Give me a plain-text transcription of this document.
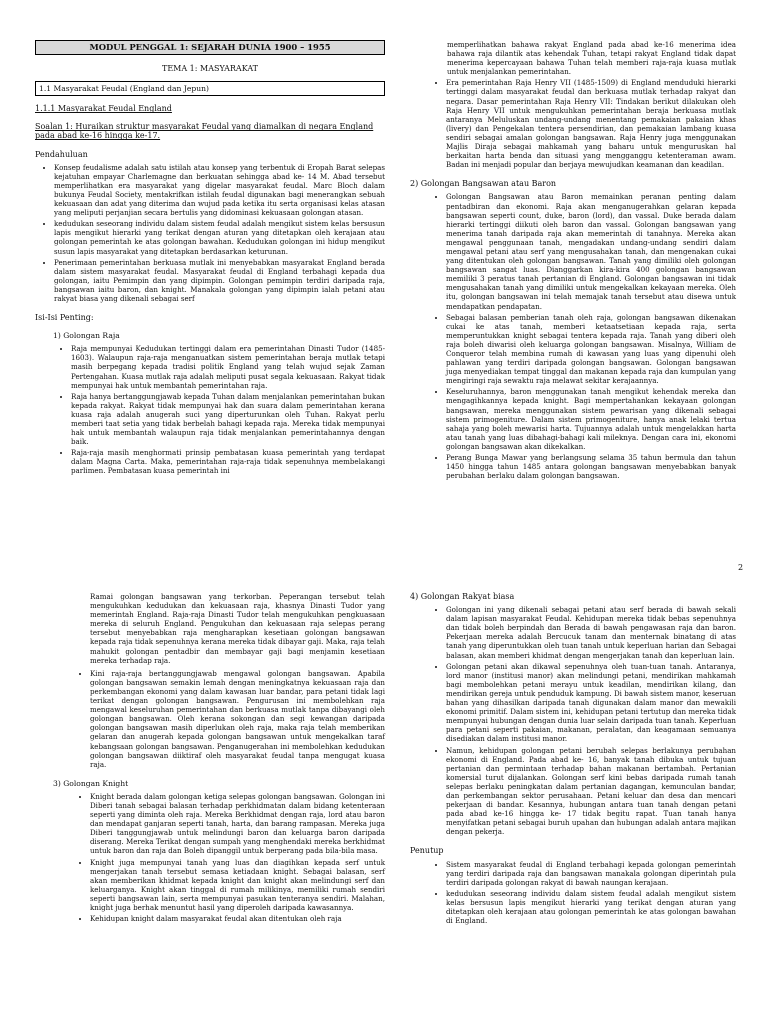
MODUL PENGGAL 1: SEJARAH DUNIA 1900 – 1955
TEMA 1: MASYARAKAT
1.1 Masyarakat Feudal (England dan Jepun)

1.1.1 Masyarakat Feudal England

Soalan 1: Huraikan struktur masyarakat Feudal yang diamalkan di negara England pada abad ke-16 hingga ke-17.

Pendahuluan

• Konsep feudalisme adalah satu istilah atau konsep yang terbentuk di Eropah Barat selepas kejatuhan empayar Charlemagne dan berkuatan sehingga abad ke- 14 M. Abad tersebut memperlihatkan era masyarakat yang digelar masyarakat feudal. Marc Bloch dalam bukunya Feudal Society, mentakrifkan istilah feudal digunakan bagi menerangkan sebuah kekuasaan dan adat yang diterima dan wujud pada ketika itu serta organisasi kelas atasan yang meliputi perjanjian secara bertulis yang didominasi kekuasaan golongan atasan.
• kedudukan seseorang individu dalam sistem feudal adalah mengikut sistem kelas bersusun lapis mengikut hierarki yang terikat dengan aturan yang ditetapkan oleh kerajaan atau golongan pemerintah ke atas golongan bawahan. Kedudukan golongan ini hidup mengikut susun lapis masyarakat yang ditetapkan berdasarkan keturunan.
• Penerimaan pemerintahan berkuasa mutlak ini menyebabkan masyarakat England berada dalam sistem masyarakat feudal. Masyarakat feudal di England terbahagi kepada dua golongan, iaitu Pemimpin dan yang dipimpin. Golongan pemimpin terdiri daripada raja, bangsawan iaitu baron, dan knight. Manakala golongan yang dipimpin ialah petani atau rakyat biasa yang dikenali sebagai serf

Isi-Isi Penting:

1) Golongan Raja

• Raja mempunyai Kedudukan tertinggi dalam era pemerintahan Dinasti Tudor (1485-1603). Walaupun raja-raja menganuatkan sistem pemerintahan beraja mutlak tetapi masih berpegang kepada tradisi politik England yang telah wujud sejak Zaman Pertengahan. Kuasa mutlak raja adalah meliputi pusat segala kekuasaan. Rakyat tidak mempunyai hak untuk membantah pemerintahan raja.
• Raja hanya bertanggungjawab kepada Tuhan dalam menjalankan pemerintahan bukan kepada rakyat. Rakyat tidak mempunyai hak dan suara dalam pemerintahan kerana kuasa raja adalah anugerah suci yang diperturunkan oleh Tuhan. Rakyat perlu memberi taat setia yang tidak berbelah bahagi kepada raja. Mereka tidak mempunyai hak untuk membantah walaupun raja tidak menjalankan pemerintahannya dengan baik.
• Raja-raja masih menghormati prinsip pembatasan kuasa pemerintah yang terdapat dalam Magna Carta. Maka, pemerintahan raja-raja tidak sepenuhnya membelakangi parlimen. Pembatasan kuasa pemerintah ini

memperlihatkan bahawa rakyat England pada abad ke-16 menerima idea bahawa raja dilantik atas kehendak Tuhan, tetapi rakyat England tidak dapat menerima kepercayaan bahawa Tuhan telah memberi raja-raja kuasa mutlak untuk menjalankan pemerintahan.

• Era pemerintahan Raja Henry VII (1485-1509) di England menduduki hierarki tertinggi dalam masyarakat feudal dan berkuasa mutlak terhadap rakyat dan negara. Dasar pemerintahan Raja Henry VII: Tindakan berikut dilakukan oleh Raja Henry VII untuk mengukuhkan pemerintahan beraja berkuasa mutlak antaranya Meluluskan undang-undang menentang pemakaian pakaian khas (livery) dan Pengekalan tentera persendirian, dan pemakaian lambang kuasa sendiri sebagai amalan golongan bangsawan. Raja Henry juga menggunakan Majlis Diraja sebagai mahkamah yang baharu untuk menguruskan hal berkaitan harta benda dan situasi yang mengganggu ketenteraman awam. Badan ini menjadi popular dan berjaya mewujudkan keamanan dan keadilan.

2) Golongan Bangsawan atau Baron

• Golongan Bangsawan atau Baron memainkan peranan penting dalam pentadbiran dan ekonomi. Raja akan menganugerahkan gelaran kepada bangsawan seperti count, duke, baron (lord), dan vassal. Duke berada dalam hierarki tertinggi diikuti oleh baron dan vassal. Golongan bangsawan yang menerima tanah daripada raja akan memerintah di tanahnya. Mereka akan mengawal penggunaan tanah, mengadakan undang-undang sendiri dalam mengawal petani atau serf yang mengusahakan tanah, dan mengenakan cukai yang ditentukan oleh golongan bangsawan. Tanah yang dimiliki oleh golongan bangsawan sangat luas. Dianggarkan kira-kira 400 golongan bangsawan memiliki 3 peratus tanah pertanian di England. Golongan bangsawan ini tidak mengusahakan tanah yang dimiliki untuk mengekalkan kekayaan mereka. Oleh itu, golongan bangsawan ini telah memajak tanah tersebut atau disewa untuk mendapatkan pendapatan.
• Sebagai balasan pemberian tanah oleh raja, golongan bangsawan dikenakan cukai ke atas tanah, memberi ketaatsetiaan kepada raja, serta memperuntukkan knight sebagai tentera kepada raja. Tanah yang diberi oleh raja boleh diwarisi oleh keluarga golongan bangsawan. Misalnya, William de Conqueror telah membina rumah di kawasan yang luas yang dipenuhi oleh pahlawan yang terdiri daripada golongan bangsawan. Golongan bangsawan juga menyediakan tempat tinggal dan makanan kepada raja dan kumpulan yang mengiringi raja sewaktu raja melawat sekitar kerajaannya.
• Keseluruhannya, baron menggunakan tanah mengikut kehendak mereka dan mengagihkannya kepada knight. Bagi mempertahankan kekayaan golongan bangsawan, mereka menggunakan sistem pewarisan yang dikenali sebagai sistem primogeniture. Dalam sistem primogeniture, hanya anak lelaki tertua sahaja yang boleh mewarisi harta. Tujuannya adalah untuk mengelakkan harta atau tanah yang luas dibahagi-bahagi kali mileknya. Dengan cara ini, ekonomi golongan bangsawan akan dikekalkan.
• Perang Bunga Mawar yang berlangsung selama 35 tahun bermula dan tahun 1450 hingga tahun 1485 antara golongan bangsawan menyebabkan banyak perubahan berlaku dalam golongan bangsawan.
2

Ramai golongan bangsawan yang terkorban. Peperangan tersebut telah mengukuhkan kedudukan dan kekuasaan raja, khasnya Dinasti Tudor yang memerintah England. Raja-raja Dinasti Tudor telah mengukuhkan pengkuasaan mereka di seluruh England. Pengukuhan dan kekuasaan raja selepas perang tersebut menyebabkan raja mengharapkan kesetiaan golongan bangsawan kepada raja tidak sepenuhnya kerana mereka tidak dibayar gaji. Maka, raja telah mahukit golongan pentadbir dan membayar gaji bagi menjamin kesetiaan mereka terhadap raja.

• Kini raja-raja bertanggungjawab mengawal golongan bangsawan. Apabila golongan bangsawan semakin lemah dengan meningkatnya kekuasaan raja dan perkembangan ekonomi yang dalam kawasan luar bandar, para petani tidak lagi terikat dengan golongan bangsawan. Pengurusan ini membolehkan raja mengawal keseluruhan pemerintahan dan berkuasa mutlak tanpa dibayangi oleh golongan bangsawan. Oleh kerana sokongan dan segi kewangan daripada golongan bangsawan masih diperlukan oleh raja, maka raja telah memberikan gelaran dan anugerah kepada golongan bangsawan untuk mengekalkan taraf kebangsaan golongan bangsawan. Penganugerahan ini membolehkan kedudukan golongan bangsawan diiktiraf oleh masyarakat feudal tanpa mengugat kuasa raja.

3) Golongan Knight

• Knight berada dalam golongan ketiga selepas golongan bangsawan. Golongan ini Diberi tanah sebagai balasan terhadap perkhidmatan dalam bidang ketenteraan seperti yang diminta oleh raja. Mereka Berkhidmat dengan raja, lord atau baron dan mendapat ganjaran seperti tanah, harta, dan barang rampasan. Mereka juga Diberi tanggungjawab untuk melindungi baron dan keluarga baron daripada diserang. Mereka Terikat dengan sumpah yang menghendaki mereka berkhidmat untuk baron dan raja dan Boleh dipanggil untuk berperang pada bila-bila masa.
• Knight juga mempunyai tanah yang luas dan diagihkan kepada serf untuk mengerjakan tanah tersebut semasa ketiadaan knight. Sebagai balasan, serf akan memberikan khidmat kepada knight dan knight akan melindungi serf dan keluarganya. Knight akan tinggal di rumah milikinya, memiliki rumah sendiri seperti bangsawan lain, serta mempunyai pasukan tenteranya sendiri. Malahan, knight juga berhak menuntut hasil yang diperoleh daripada kawasannya.
• Kehidupan knight dalam masyarakat feudal akan ditentukan oleh raja

4) Golongan Rakyat biasa

• Golongan ini yang dikenali sebagai petani atau serf berada di bawah sekali dalam lapisan masyarakat Feudal. Kehidupan mereka tidak bebas sepenuhnya dan tidak boleh berpindah dan Berada di bawah pengawasan raja dan baron. Pekerjaan mereka adalah Bercucuk tanam dan menternak binatang di atas tanah yang diperuntukkan oleh tuan tanah untuk keperluan harian dan Sebagai balasan, akan memberi khidmat dengan mengerjakan tanah dan keperluan lain.
• Golongan petani akan dikawal sepenuhnya oleh tuan-tuan tanah. Antaranya, lord manor (institusi manor) akan melindungi petani, mendirikan mahkamah bagi membolehkan petani merayu untuk keadilan, mendirikan kilang, dan mendirikan gereja untuk penduduk kampung. Di bawah sistem manor, keseruan bahan yang dihasilkan daripada tanah digunakan dalam manor dan mewakili ekonomi primitif. Dalam sistem ini, kehidupan petani tertutup dan mereka tidak mempunyai hubungan dengan dunia luar selain daripada tuan tanah. Keperluan para petani seperti pakaian, makanan, peralatan, dan keagamaan semuanya disediakan dalam institusi manor.
• Namun, kehidupan golongan petani berubah selepas berlakunya perubahan ekonomi di England. Pada abad ke- 16, banyak tanah dibuka untuk tujuan pertanian dan permintaan terhadap bahan makanan bertambah. Pertanian komersial turut dijalankan. Golongan serf kini bebas daripada rumah tanah selepas berlaku peningkatan dalam pertanian dagangan, kemunculan bandar, dan perkembangan sektor perusahaan. Petani keluar dan desa dan mencari pekerjaan di bandar. Kesannya, hubungan antara tuan tanah dengan petani pada abad ke-16 hingga ke- 17 tidak begitu rapat. Tuan tanah hanya menyifatkan petani sebagai buruh upahan dan hubungan adalah antara majikan dengan pekerja.

Penutup

• Sistem masyarakat feudal di England terbahagi kepada golongan pemerintah yang terdiri daripada raja dan bangsawan manakala golongan diperintah pula terdiri daripada golongan rakyat di bawah naungan kerajaan.
• kedudukan seseorang individu dalam sistem feudal adalah mengikut sistem kelas bersusun lapis mengikut hierarki yang terikat dengan aturan yang ditetapkan oleh kerajaan atau golongan pemerintah ke atas golongan bawahan di England.
